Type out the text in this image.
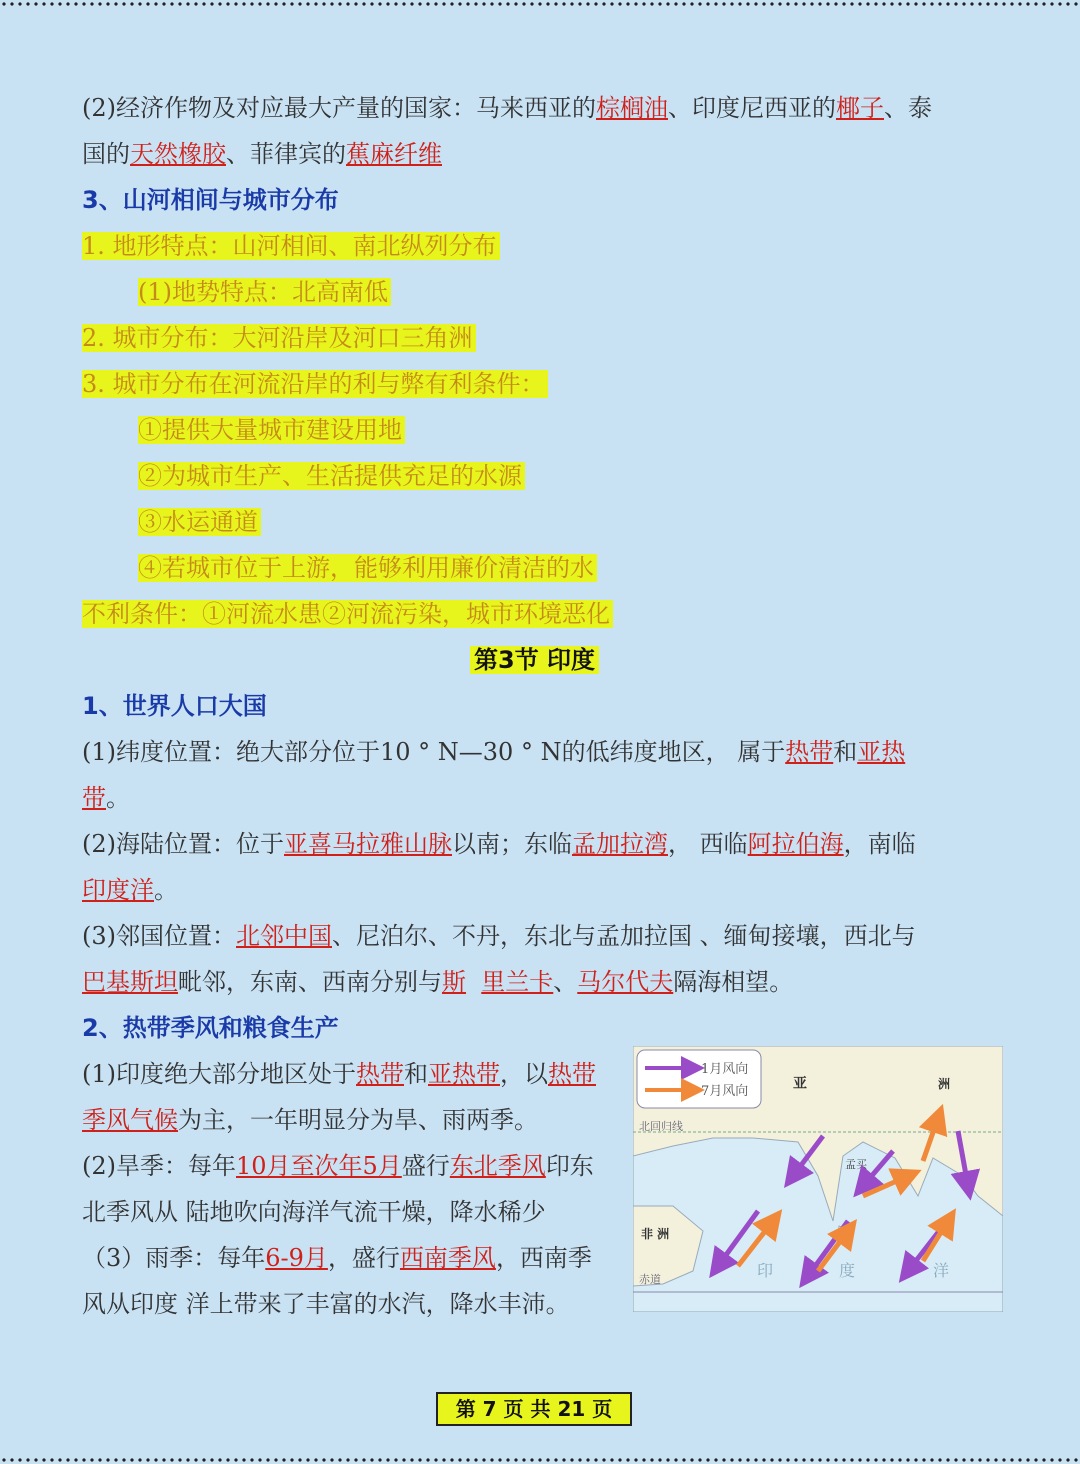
(2)经济作物及对应最大产量的国家：马来西亚的棕榈油、印度尼西亚的椰子、泰
国的天然橡胶、菲律宾的蕉麻纤维
3、山河相间与城市分布
1. 地形特点：山河相间、南北纵列分布
(1)地势特点：北高南低
2. 城市分布：大河沿岸及河口三角洲
3. 城市分布在河流沿岸的利与弊有利条件：
①提供大量城市建设用地
②为城市生产、生活提供充足的水源
③水运通道
④若城市位于上游，能够利用廉价清洁的水
不利条件：①河流水患②河流污染，城市环境恶化
第3节 印度
1、世界人口大国
(1)纬度位置：绝大部分位于10 ° N—30 ° N的低纬度地区， 属于热带和亚热
带。
(2)海陆位置：位于亚喜马拉雅山脉以南；东临孟加拉湾， 西临阿拉伯海，南临
印度洋。
(3)邻国位置：北邻中国、尼泊尔、不丹，东北与孟加拉国 、缅甸接壤，西北与
巴基斯坦毗邻，东南、西南分别与斯 里兰卡、马尔代夫隔海相望。
2、热带季风和粮食生产
(1)印度绝大部分地区处于热带和亚热带，以热带
季风气候为主，一年明显分为旱、雨两季。
(2)旱季：每年10月至次年5月盛行东北季风印东
北季风从 陆地吹向海洋气流干燥，降水稀少
（3）雨季：每年6-9月，盛行西南季风，西南季
风从印度 洋上带来了丰富的水汽，降水丰沛。
1月风向
7月风向	亚	洲
北回归线
孟买
非 洲
赤道	印	度	洋
第 7 页 共 21 页
